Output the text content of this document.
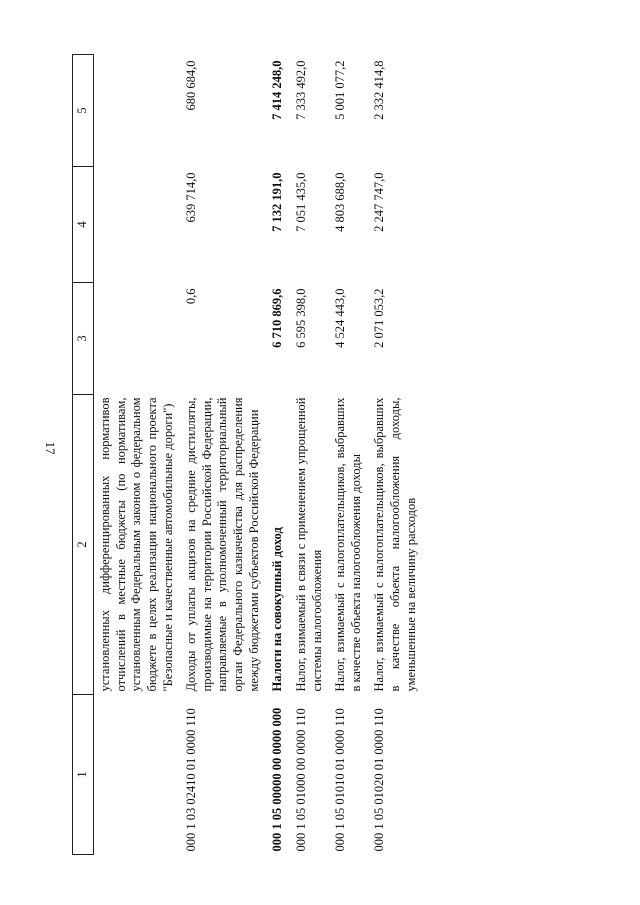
17
1	2	3	4	5
	установленных дифференцированных нормативов отчислений в местные бюджеты (по нормативам, установленным Федеральным законом о федеральном бюджете в целях реализации национального проекта "Безопасные и качественные автомобильные дороги")			
000 1 03 02410 01 0000 110	Доходы от уплаты акцизов на средние дистилляты, производимые на территории Российской Федерации, направляемые в уполномоченный территориальный орган Федерального казначейства для распределения между бюджетами субъектов Российской Федерации	0,6	639 714,0	680 684,0
000 1 05 00000 00 0000 000	Налоги на совокупный доход	6 710 869,6	7 132 191,0	7 414 248,0
000 1 05 01000 00 0000 110	Налог, взимаемый в связи с применением упрощенной системы налогообложения	6 595 398,0	7 051 435,0	7 333 492,0
000 1 05 01010 01 0000 110	Налог, взимаемый с налогоплательщиков, выбравших в качестве объекта налогообложения доходы	4 524 443,0	4 803 688,0	5 001 077,2
000 1 05 01020 01 0000 110	Налог, взимаемый с налогоплательщиков, выбравших в качестве объекта налогообложения доходы, уменьшенные на величину расходов	2 071 053,2	2 247 747,0	2 332 414,8
